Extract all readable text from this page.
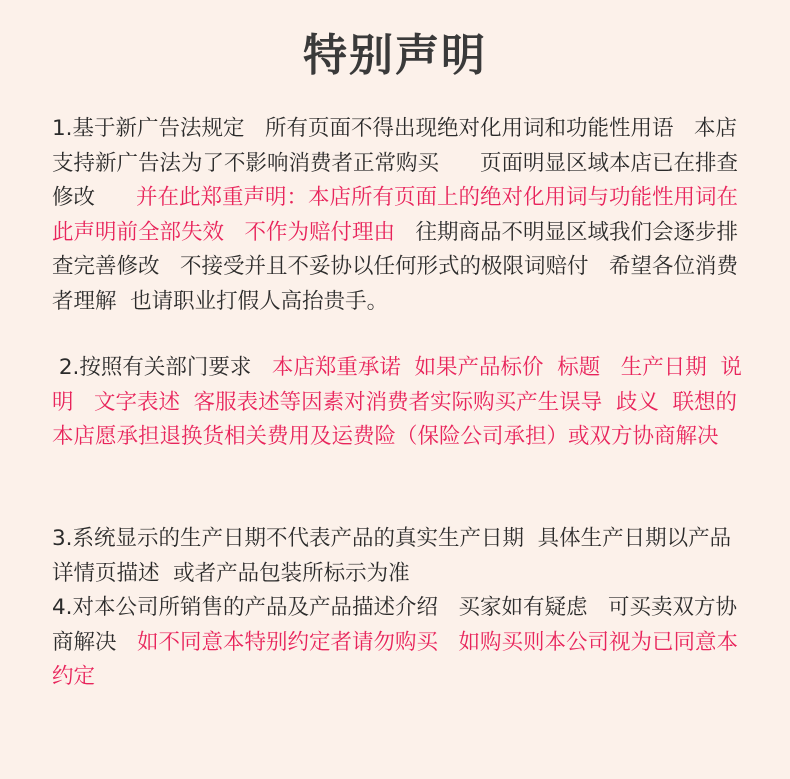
特别声明
1.基于新广告法规定   所有页面不得出现绝对化用词和功能性用语   本店支持新广告法为了不影响消费者正常购买      页面明显区域本店已在排查修改      并在此郑重声明：本店所有页面上的绝对化用词与功能性用词在此声明前全部失效   不作为赔付理由   往期商品不明显区域我们会逐步排查完善修改   不接受并且不妥协以任何形式的极限词赔付   希望各位消费者理解  也请职业打假人高抬贵手。
2.按照有关部门要求   本店郑重承诺  如果产品标价  标题   生产日期  说明   文字表述  客服表述等因素对消费者实际购买产生误导  歧义  联想的本店愿承担退换货相关费用及运费险（保险公司承担）或双方协商解决
3.系统显示的生产日期不代表产品的真实生产日期  具体生产日期以产品详情页描述  或者产品包装所标示为准
4.对本公司所销售的产品及产品描述介绍   买家如有疑虑   可买卖双方协商解决   如不同意本特别约定者请勿购买   如购买则本公司视为已同意本约定
